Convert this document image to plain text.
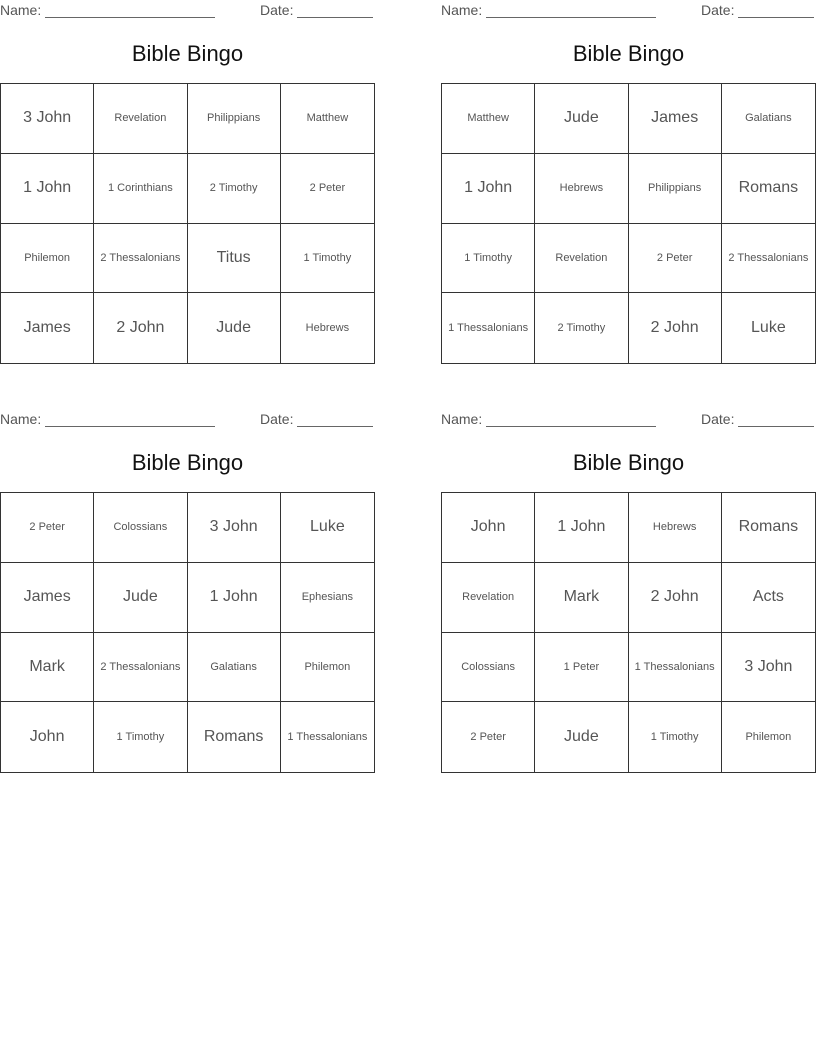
Name:	Date:
Bible Bingo
3 John	Revelation	Philippians	Matthew
1 John	1 Corinthians	2 Timothy	2 Peter
Philemon	2 Thessalonians	Titus	1 Timothy
James	2 John	Jude	Hebrews
Name:	Date:
Bible Bingo
Matthew	Jude	James	Galatians
1 John	Hebrews	Philippians	Romans
1 Timothy	Revelation	2 Peter	2 Thessalonians
1 Thessalonians	2 Timothy	2 John	Luke
Name:	Date:
Bible Bingo
2 Peter	Colossians	3 John	Luke
James	Jude	1 John	Ephesians
Mark	2 Thessalonians	Galatians	Philemon
John	1 Timothy	Romans	1 Thessalonians
Name:	Date:
Bible Bingo
John	1 John	Hebrews	Romans
Revelation	Mark	2 John	Acts
Colossians	1 Peter	1 Thessalonians	3 John
2 Peter	Jude	1 Timothy	Philemon
